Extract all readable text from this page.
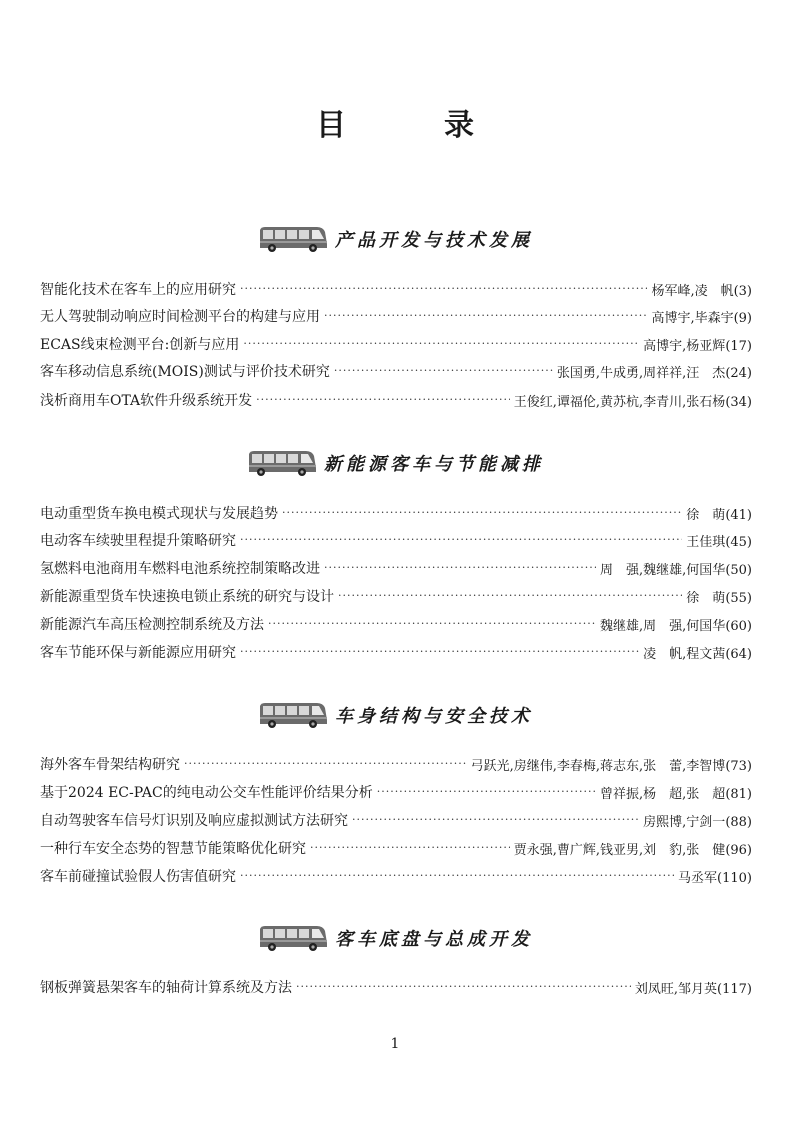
目　录
产品开发与技术发展
智能化技术在客车上的应用研究 ·····	杨军峰,凌　帆(3)
无人驾驶制动响应时间检测平台的构建与应用 ·····	高博宇,毕森宇(9)
ECAS线束检测平台:创新与应用 ·····	高博宇,杨亚辉(17)
客车移动信息系统(MOIS)测试与评价技术研究 ·····	张国勇,牛成勇,周祥祥,汪　杰(24)
浅析商用车OTA软件升级系统开发 ·····	王俊红,谭福伦,黄苏杭,李青川,张石杨(34)
新能源客车与节能减排
电动重型货车换电模式现状与发展趋势 ·····	徐　萌(41)
电动客车续驶里程提升策略研究 ·····	王佳琪(45)
氢燃料电池商用车燃料电池系统控制策略改进 ·····	周　强,魏继雄,何国华(50)
新能源重型货车快速换电锁止系统的研究与设计 ·····	徐　萌(55)
新能源汽车高压检测控制系统及方法 ·····	魏继雄,周　强,何国华(60)
客车节能环保与新能源应用研究 ·····	凌　帆,程文茜(64)
车身结构与安全技术
海外客车骨架结构研究 ·····	弓跃光,房继伟,李春梅,蒋志东,张　蕾,李智博(73)
基于2024 EC-PAC的纯电动公交车性能评价结果分析 ·····	曾祥振,杨　超,张　超(81)
自动驾驶客车信号灯识别及响应虚拟测试方法研究 ·····	房熙博,宁剑一(88)
一种行车安全态势的智慧节能策略优化研究 ·····	贾永强,曹广辉,钱亚男,刘　豹,张　健(96)
客车前碰撞试验假人伤害值研究 ·····	马丞军(110)
客车底盘与总成开发
钢板弹簧悬架客车的轴荷计算系统及方法 ·····	刘凤旺,邹月英(117)
1
